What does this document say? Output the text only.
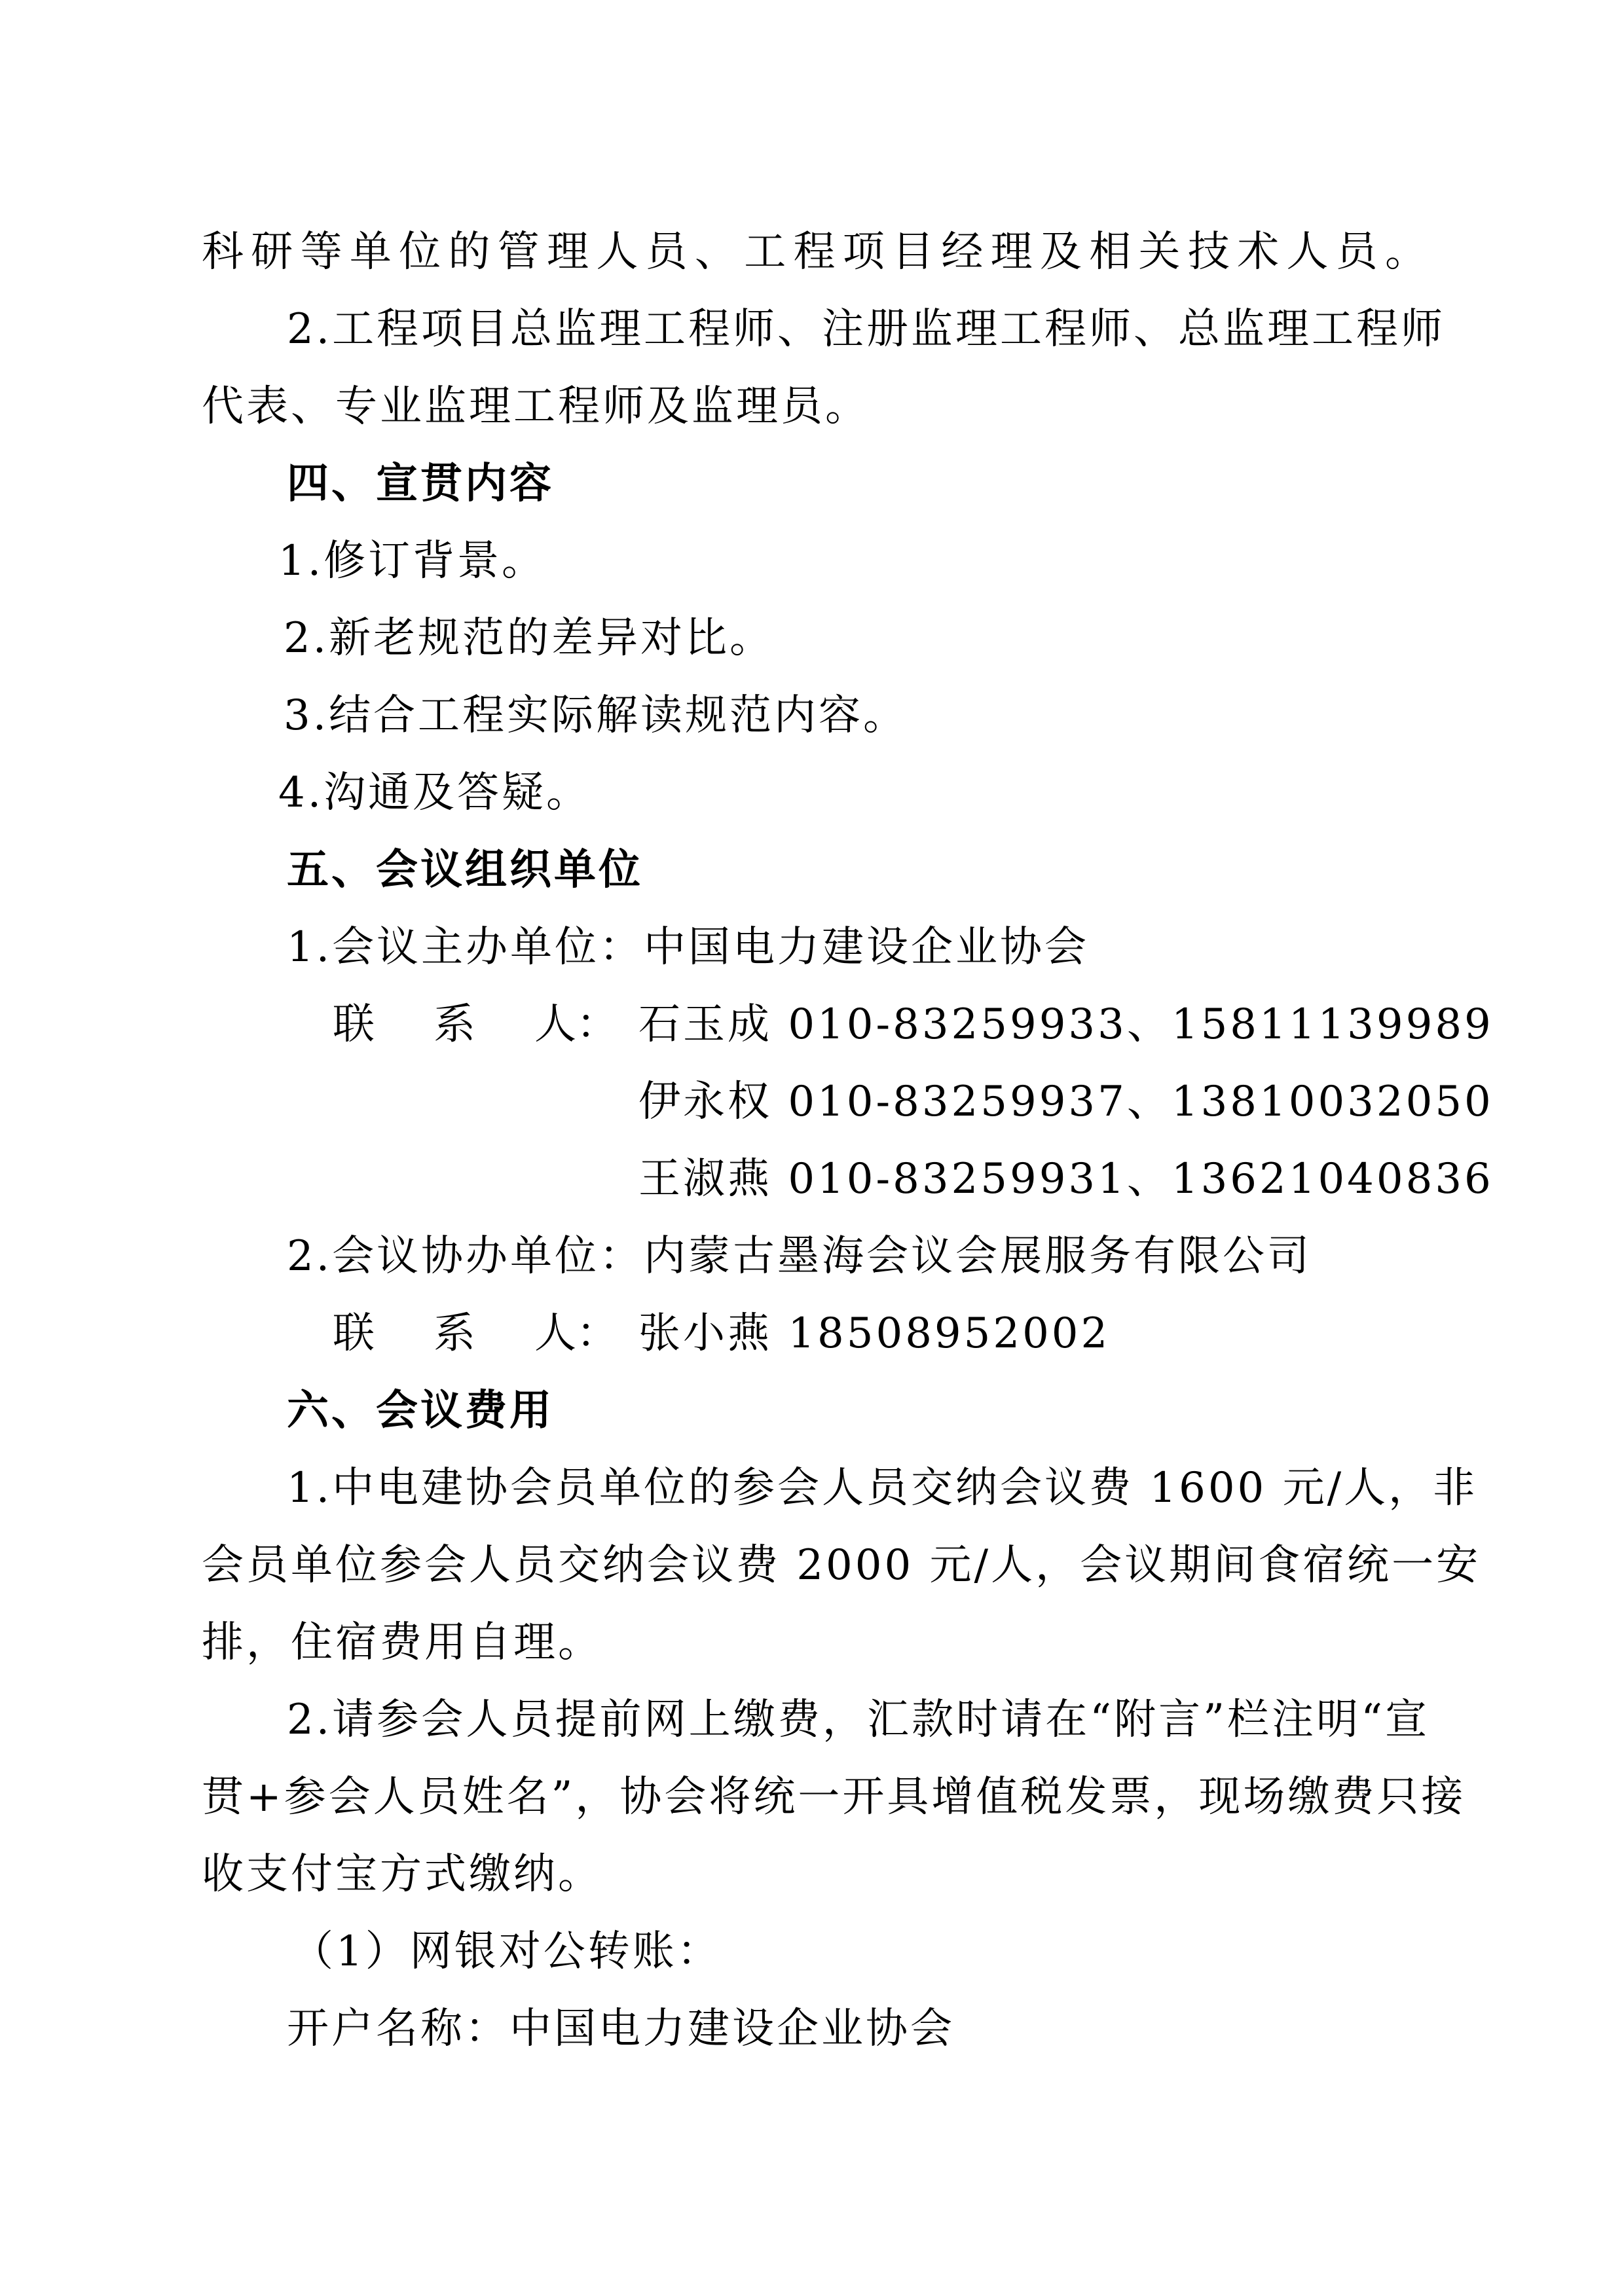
科研等单位的管理人员、工程项目经理及相关技术人员。
2.工程项目总监理工程师、注册监理工程师、总监理工程师
代表、专业监理工程师及监理员。
四、宣贯内容
1.修订背景。
2.新老规范的差异对比。
3.结合工程实际解读规范内容。
4.沟通及答疑。
五、会议组织单位
1.会议主办单位：中国电力建设企业协会
联 系 人： 石玉成 010-83259933、15811139989
伊永权 010-83259937、13810032050
王淑燕 010-83259931、13621040836
2.会议协办单位：内蒙古墨海会议会展服务有限公司
联 系 人： 张小燕 18508952002
六、会议费用
1.中电建协会员单位的参会人员交纳会议费 1600 元/人，非
会员单位参会人员交纳会议费 2000 元/人，会议期间食宿统一安
排，住宿费用自理。
2.请参会人员提前网上缴费，汇款时请在“附言”栏注明“宣
贯+参会人员姓名”，协会将统一开具增值税发票，现场缴费只接
收支付宝方式缴纳。
（1）网银对公转账：
开户名称：中国电力建设企业协会
